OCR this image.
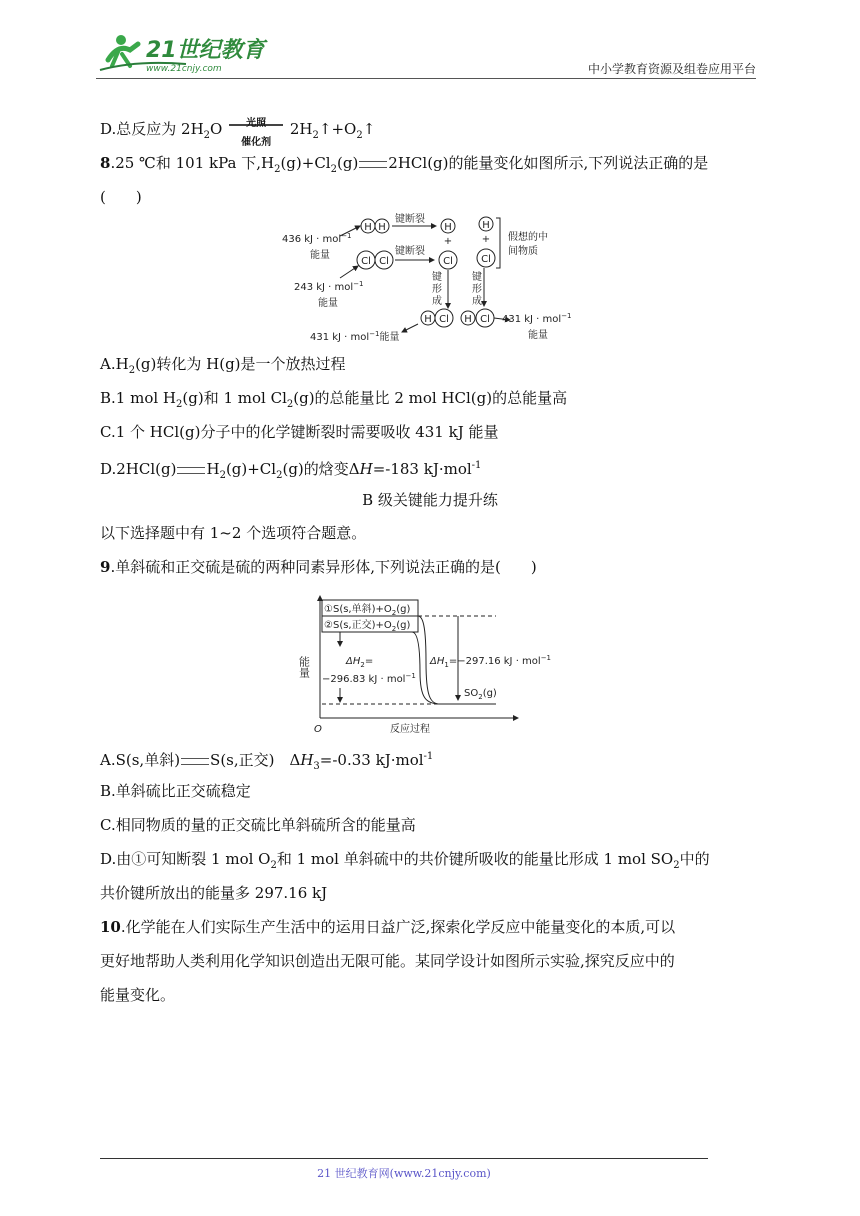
21世纪教育
www.21cnjy.com	中小学教育资源及组卷应用平台
D.总反应为 $2H_2O$	光照
催化剂
$2H_2↑+O_2↑$
8.25 ℃和 101 kPa 下$,H_2(g)+Cl_2(g)$ 2HCl(g)的能量变化如图所示,下列说法正确的是
(　　)
436 kJ · mol$^{-1}$
能量
243 kJ · mol$^{-1}$
能量
431 kJ · mol$^{-1}$能量
431 kJ · mol$^{-1}$
能量
键断裂
键断裂
假想的中
间物质
键
形
成
键
形
成
H H
Cl Cl
H
+
Cl
H
+
Cl
H Cl H Cl
$A.H_2(g)$转化为 H(g)是一个放热过程
B.1 mol $H_2(g)$和 1 mol $Cl_2(g)$的总能量比 2 mol HCl(g)的总能量高
C.1 个 HCl(g)分子中的化学键断裂时需要吸收 431 kJ 能量
D.2HCl(g) $H_2(g)+Cl_2(g)$的焓变ΔH=-183 kJ·mol$^{-1}$
B 级关键能力提升练
以下选择题中有 1~2 个选项符合题意。
9.单斜硫和正交硫是硫的两种同素异形体,下列说法正确的是(　　)
①S(s,单斜)$+O_2(g)$
②S(s,正交)$+O_2(g)$
$\Delta H_2=$
−296.83 kJ · mol$^{-1}$
$\Delta H_1=-297.16$ kJ · mol$^{-1}$
$SO_2(g)$
反应过程
O
能量
A.S(s,单斜) S(s,正交)　$\Delta H_3=-0.33$ kJ·mol$^{-1}$
B.单斜硫比正交硫稳定
C.相同物质的量的正交硫比单斜硫所含的能量高
D.由①可知断裂 1 mol $O_2$和 1 mol 单斜硫中的共价键所吸收的能量比形成 1 mol $SO_2$中的
共价键所放出的能量多 297.16 kJ
10.化学能在人们实际生产生活中的运用日益广泛,探索化学反应中能量变化的本质,可以
更好地帮助人类利用化学知识创造出无限可能。某同学设计如图所示实验,探究反应中的
能量变化。
21 世纪教育网(www.21cnjy.com)
